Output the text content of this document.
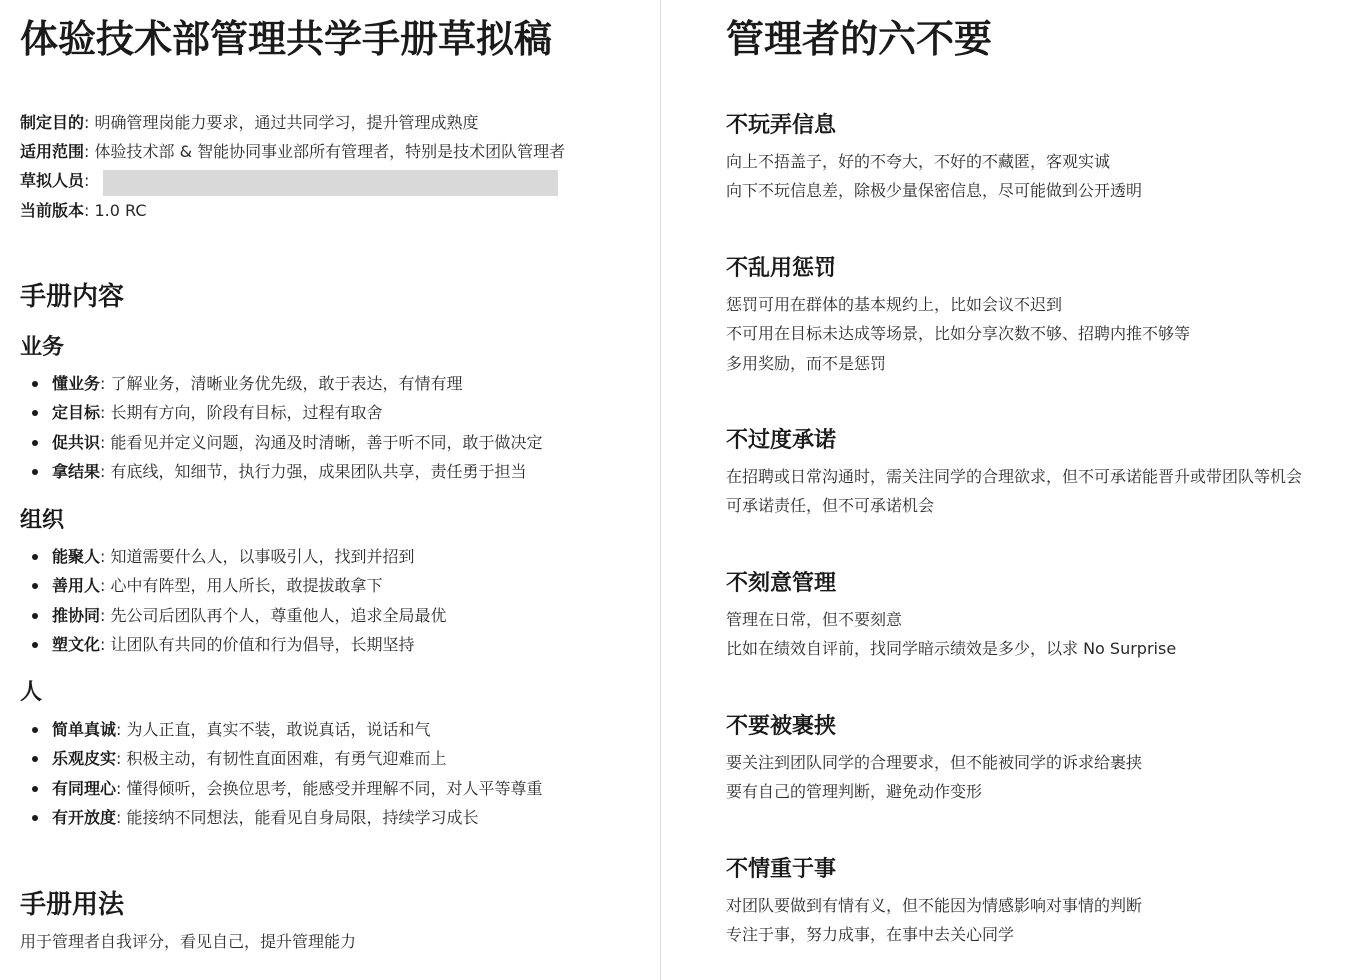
体验技术部管理共学手册草拟稿
制定目的: 明确管理岗能力要求，通过共同学习，提升管理成熟度
适用范围: 体验技术部 & 智能协同事业部所有管理者，特别是技术团队管理者
草拟人员:
当前版本: 1.0 RC
手册内容
业务
懂业务: 了解业务，清晰业务优先级，敢于表达，有情有理
定目标: 长期有方向，阶段有目标，过程有取舍
促共识: 能看见并定义问题，沟通及时清晰，善于听不同，敢于做决定
拿结果: 有底线，知细节，执行力强，成果团队共享，责任勇于担当
组织
能聚人: 知道需要什么人，以事吸引人，找到并招到
善用人: 心中有阵型，用人所长，敢提拔敢拿下
推协同: 先公司后团队再个人，尊重他人，追求全局最优
塑文化: 让团队有共同的价值和行为倡导，长期坚持
人
简单真诚: 为人正直，真实不装，敢说真话，说话和气
乐观皮实: 积极主动，有韧性直面困难，有勇气迎难而上
有同理心: 懂得倾听，会换位思考，能感受并理解不同，对人平等尊重
有开放度: 能接纳不同想法，能看见自身局限，持续学习成长
手册用法
用于管理者自我评分，看见自己，提升管理能力
管理者的六不要
不玩弄信息
向上不捂盖子，好的不夸大，不好的不藏匿，客观实诚
向下不玩信息差，除极少量保密信息，尽可能做到公开透明
不乱用惩罚
惩罚可用在群体的基本规约上，比如会议不迟到
不可用在目标未达成等场景，比如分享次数不够、招聘内推不够等
多用奖励，而不是惩罚
不过度承诺
在招聘或日常沟通时，需关注同学的合理欲求，但不可承诺能晋升或带团队等机会
可承诺责任，但不可承诺机会
不刻意管理
管理在日常，但不要刻意
比如在绩效自评前，找同学暗示绩效是多少，以求 No Surprise
不要被裹挟
要关注到团队同学的合理要求，但不能被同学的诉求给裹挟
要有自己的管理判断，避免动作变形
不情重于事
对团队要做到有情有义，但不能因为情感影响对事情的判断
专注于事，努力成事，在事中去关心同学
